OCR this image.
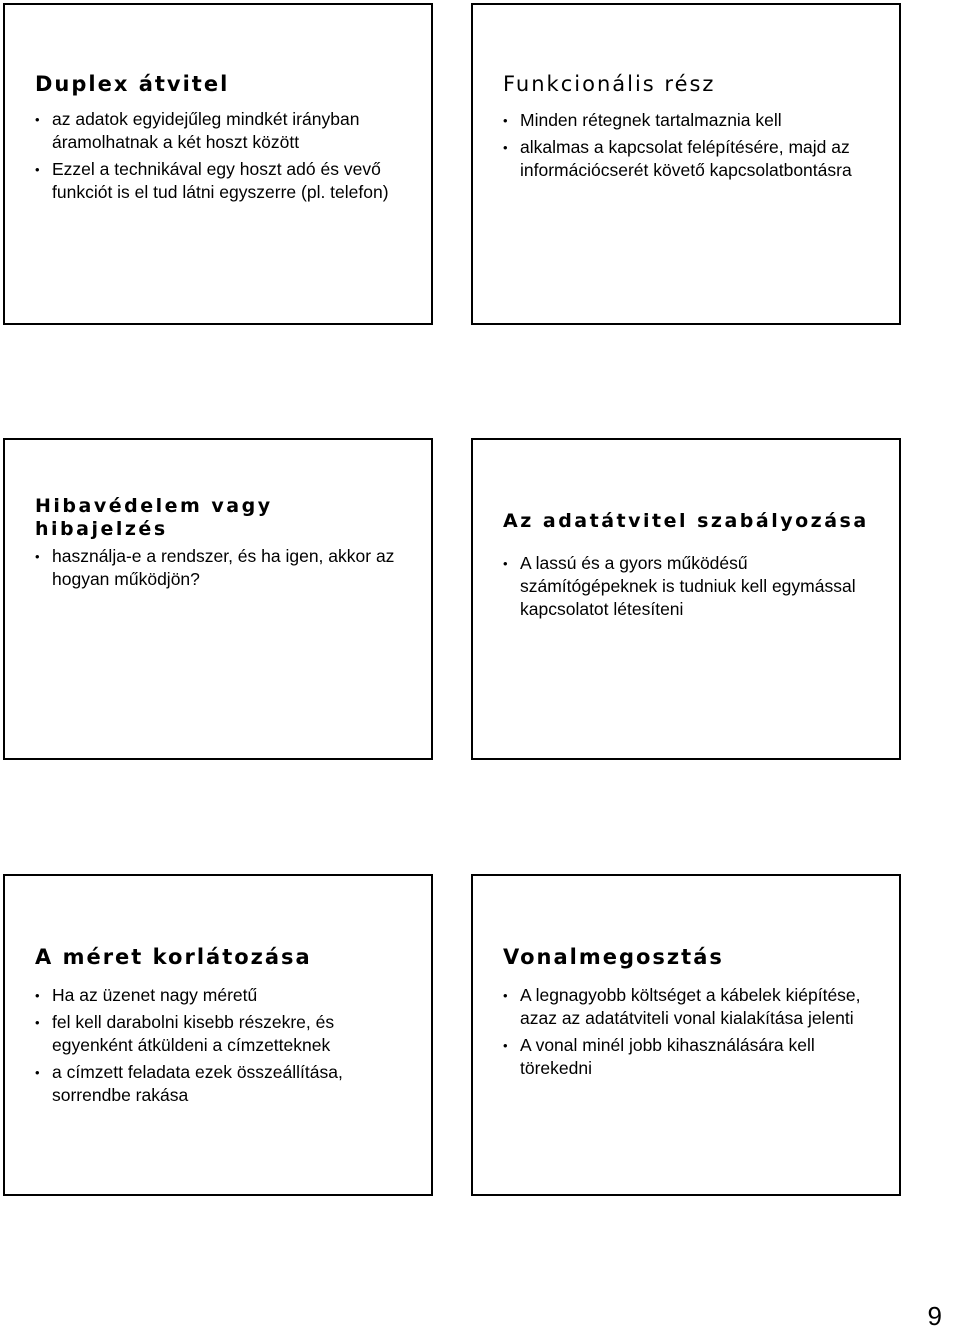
Duplex átvitel
• az adatok egyidejűleg mindkét irányban áramolhatnak a két hoszt között
• Ezzel a technikával egy hoszt adó és vevő funkciót is el tud látni egyszerre (pl. telefon)
Funkcionális rész
• Minden rétegnek tartalmaznia kell
• alkalmas a kapcsolat felépítésére, majd az információcserét követő kapcsolatbontásra
Hibavédelem vagy hibajelzés
• használja-e a rendszer, és ha igen, akkor az hogyan működjön?
Az adatátvitel szabályozása
• A lassú és a gyors működésű számítógépeknek is tudniuk kell egymással kapcsolatot létesíteni
A méret korlátozása
• Ha az üzenet nagy méretű
• fel kell darabolni kisebb részekre, és egyenként átküldeni a címzetteknek
• a címzett feladata ezek összeállítása, sorrendbe rakása
Vonalmegosztás
• A legnagyobb költséget a kábelek kiépítése, azaz az adatátviteli vonal kialakítása jelenti
• A vonal minél jobb kihasználására kell törekedni
9
